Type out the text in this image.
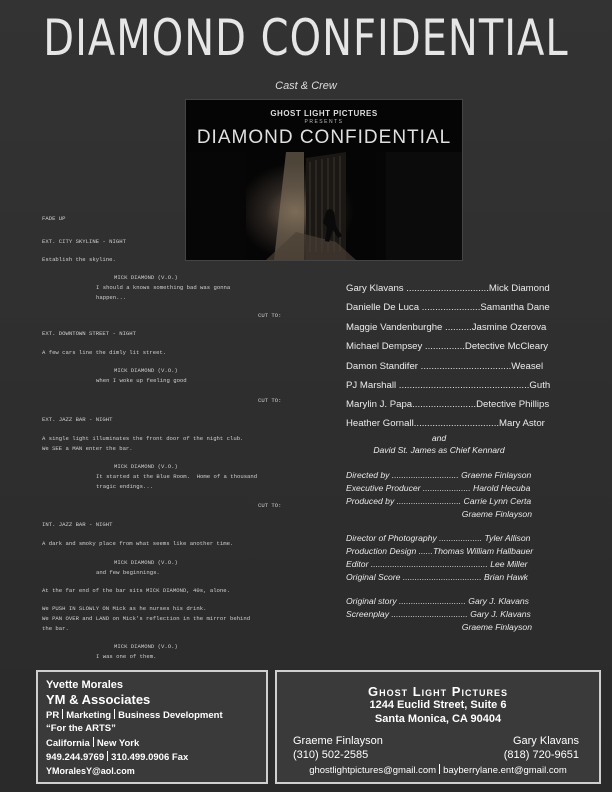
DIAMOND CONFIDENTIAL
Cast & Crew
GHOST LIGHT PICTURES
PRESENTS
DIAMOND CONFIDENTIAL
FADE UP
EXT. CITY SKYLINE - NIGHT
Establish the skyline.
MICK DIAMOND (V.O.)
I should a knows something bad was gonna
happen...
CUT TO:
EXT. DOWNTOWN STREET - NIGHT
A few cars line the dimly lit street.
MICK DIAMOND (V.O.)
when I woke up feeling good
CUT TO:
EXT. JAZZ BAR - NIGHT
A single light illuminates the front door of the night club.
We SEE a MAN enter the bar.
MICK DIAMOND (V.O.)
It started at the Blue Room.  Home of a thousand
tragic endings...
CUT TO:
INT. JAZZ BAR - NIGHT
A dark and smoky place from what seems like another time.
MICK DIAMOND (V.O.)
and few beginnings.
At the far end of the bar sits MICK DIAMOND, 40s, alone.
We PUSH IN SLOWLY ON Mick as he nurses his drink.
We PAN OVER and LAND on Mick's reflection in the mirror behind
the bar.
MICK DIAMOND (V.O.)
I was one of them.
Gary Klavans ...............................Mick Diamond
Danielle De Luca ......................Samantha Dane
Maggie Vandenburghe ..........Jasmine Ozerova
Michael Dempsey ...............Detective McCleary
Damon Standifer ..................................Weasel
PJ Marshall .................................................Guth
Marylin J. Papa........................Detective Phillips
Heather Gornall................................Mary Astor
and
David St. James as Chief Kennard
Directed by ............................ Graeme Finlayson
Executive Producer .................... Harold Hecuba
Produced by ........................... Carrie Lynn Certa
Graeme Finlayson
Director of Photography .................. Tyler Allison
Production Design ......Thomas William Hallbauer
Editor ................................................. Lee Miller
Original Score ................................. Brian Hawk
Original story ............................ Gary J. Klavans
Screenplay ................................ Gary J. Klavans
Graeme Finlayson
Yvette Morales
YM & Associates
PR Marketing Business Development
“For the ARTS”
California New York
949.244.9769 310.499.0906 Fax
YMoralesY@aol.com
Ghost Light Pictures
1244 Euclid Street, Suite 6
Santa Monica, CA 90404
Graeme Finlayson
(310) 502-2585
Gary Klavans
(818) 720-9651
ghostlightpictures@gmail.com bayberrylane.ent@gmail.com
